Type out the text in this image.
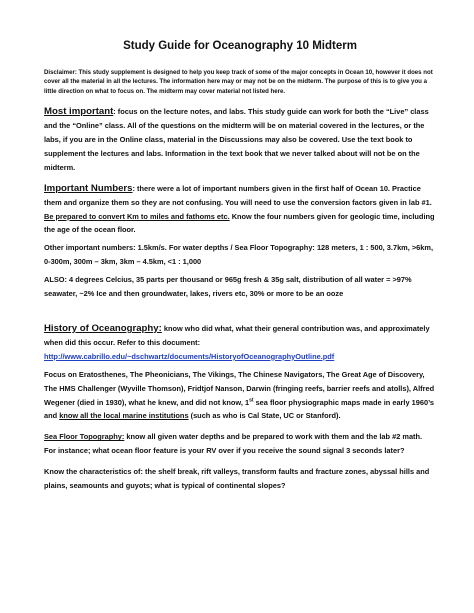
Study Guide for Oceanography 10 Midterm
Disclaimer: This study supplement is designed to help you keep track of some of the major concepts in Ocean 10, however it does not cover all the material in all the lectures. The information here may or may not be on the midterm. The purpose of this is to give you a little direction on what to focus on. The midterm may cover material not listed here.
Most important: focus on the lecture notes, and labs. This study guide can work for both the “Live” class and the “Online” class. All of the questions on the midterm will be on material covered in the lectures, or the labs, if you are in the Online class, material in the Discussions may also be covered. Use the text book to supplement the lectures and labs. Information in the text book that we never talked about will not be on the midterm.
Important Numbers: there were a lot of important numbers given in the first half of Ocean 10. Practice them and organize them so they are not confusing. You will need to use the conversion factors given in lab #1. Be prepared to convert Km to miles and fathoms etc. Know the four numbers given for geologic time, including the age of the ocean floor.
Other important numbers: 1.5km/s. For water depths / Sea Floor Topography: 128 meters, 1 : 500, 3.7km, >6km, 0-300m, 300m – 3km, 3km – 4.5km, <1 : 1,000
ALSO: 4 degrees Celcius, 35 parts per thousand or 965g fresh & 35g salt, distribution of all water = >97% seawater, ~2% Ice and then groundwater, lakes, rivers etc, 30% or more to be an ooze
History of Oceanography: know who did what, what their general contribution was, and approximately when did this occur. Refer to this document:
http://www.cabrillo.edu/~dschwartz/documents/HistoryofOceanographyOutline.pdf
Focus on Eratosthenes, The Pheonicians, The Vikings, The Chinese Navigators, The Great Age of Discovery, The HMS Challenger (Wyville Thomson), Fridtjof Nanson, Darwin (fringing reefs, barrier reefs and atolls), Alfred Wegener (died in 1930), what he knew, and did not know, 1st sea floor physiographic maps made in early 1960’s and know all the local marine institutions (such as who is Cal State, UC or Stanford).
Sea Floor Topography: know all given water depths and be prepared to work with them and the lab #2 math. For instance; what ocean floor feature is your RV over if you receive the sound signal 3 seconds later?
Know the characteristics of: the shelf break, rift valleys, transform faults and fracture zones, abyssal hills and plains, seamounts and guyots; what is typical of continental slopes?
